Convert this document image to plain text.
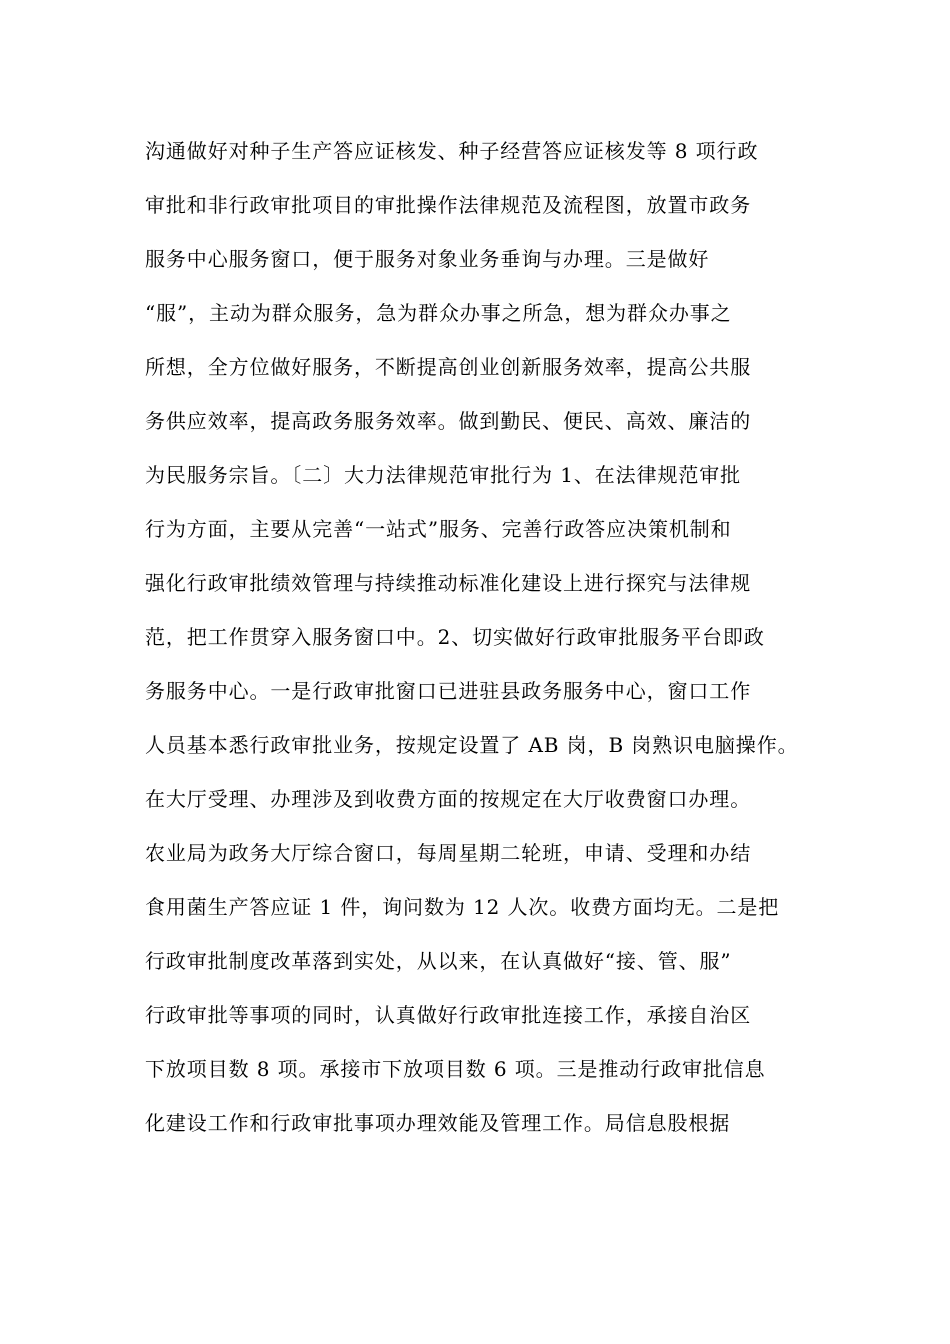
沟通做好对种子生产答应证核发、种子经营答应证核发等 8 项行政
审批和非行政审批项目的审批操作法律规范及流程图，放置市政务
服务中心服务窗口，便于服务对象业务垂询与办理。三是做好
“服”，主动为群众服务，急为群众办事之所急，想为群众办事之
所想，全方位做好服务，不断提高创业创新服务效率，提高公共服
务供应效率，提高政务服务效率。做到勤民、便民、高效、廉洁的
为民服务宗旨。〔二〕大力法律规范审批行为 1、在法律规范审批
行为方面，主要从完善“一站式”服务、完善行政答应决策机制和
强化行政审批绩效管理与持续推动标准化建设上进行探究与法律规
范，把工作贯穿入服务窗口中。2、切实做好行政审批服务平台即政
务服务中心。一是行政审批窗口已进驻县政务服务中心，窗口工作
人员基本悉行政审批业务，按规定设置了 AB 岗，B 岗熟识电脑操作。
在大厅受理、办理涉及到收费方面的按规定在大厅收费窗口办理。
农业局为政务大厅综合窗口，每周星期二轮班，申请、受理和办结
食用菌生产答应证 1 件，询问数为 12 人次。收费方面均无。二是把
行政审批制度改革落到实处，从以来，在认真做好“接、管、服”
行政审批等事项的同时，认真做好行政审批连接工作，承接自治区
下放项目数 8 项。承接市下放项目数 6 项。三是推动行政审批信息
化建设工作和行政审批事项办理效能及管理工作。局信息股根据
